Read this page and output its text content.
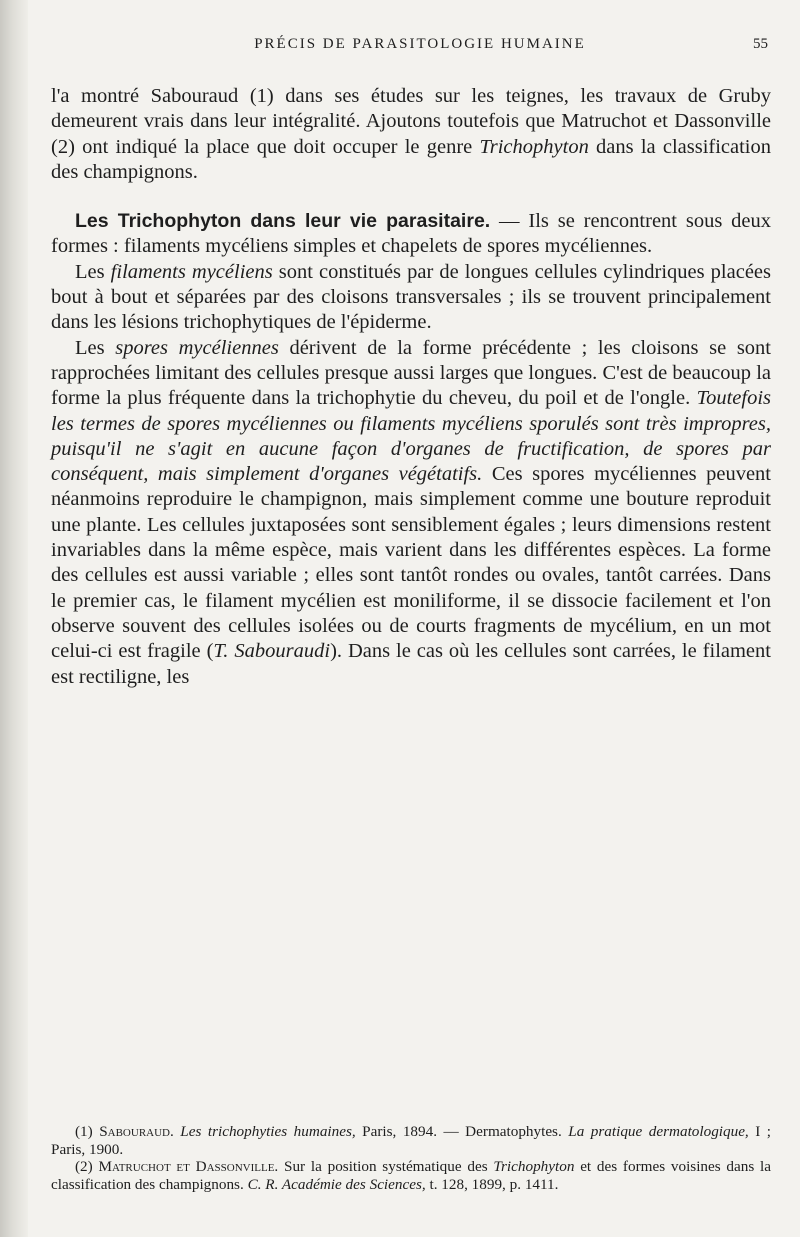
PRÉCIS DE PARASITOLOGIE HUMAINE	55

l'a montré Sabouraud (1) dans ses études sur les teignes, les travaux de Gruby demeurent vrais dans leur intégralité. Ajoutons toutefois que Matruchot et Dassonville (2) ont indiqué la place que doit occuper le genre Trichophyton dans la classification des champignons.

Les Trichophyton dans leur vie parasitaire. — Ils se rencontrent sous deux formes : filaments mycéliens simples et chapelets de spores mycéliennes.

Les filaments mycéliens sont constitués par de longues cellules cylindriques placées bout à bout et séparées par des cloisons transversales ; ils se trouvent principalement dans les lésions trichophytiques de l'épiderme.

Les spores mycéliennes dérivent de la forme précédente ; les cloisons se sont rapprochées limitant des cellules presque aussi larges que longues. C'est de beaucoup la forme la plus fréquente dans la trichophytie du cheveu, du poil et de l'ongle. Toutefois les termes de spores mycéliennes ou filaments mycéliens sporulés sont très impropres, puisqu'il ne s'agit en aucune façon d'organes de fructification, de spores par conséquent, mais simplement d'organes végétatifs. Ces spores mycéliennes peuvent néanmoins reproduire le champignon, mais simplement comme une bouture reproduit une plante. Les cellules juxtaposées sont sensiblement égales ; leurs dimensions restent invariables dans la même espèce, mais varient dans les différentes espèces. La forme des cellules est aussi variable ; elles sont tantôt rondes ou ovales, tantôt carrées. Dans le premier cas, le filament mycélien est moniliforme, il se dissocie facilement et l'on observe souvent des cellules isolées ou de courts fragments de mycélium, en un mot celui-ci est fragile (T. Sabouraudi). Dans le cas où les cellules sont carrées, le filament est rectiligne, les

(1) Sabouraud. Les trichophyties humaines, Paris, 1894. — Dermatophytes. La pratique dermatologique, I ; Paris, 1900.

(2) Matruchot et Dassonville. Sur la position systématique des Trichophyton et des formes voisines dans la classification des champignons. C. R. Académie des Sciences, t. 128, 1899, p. 1411.
